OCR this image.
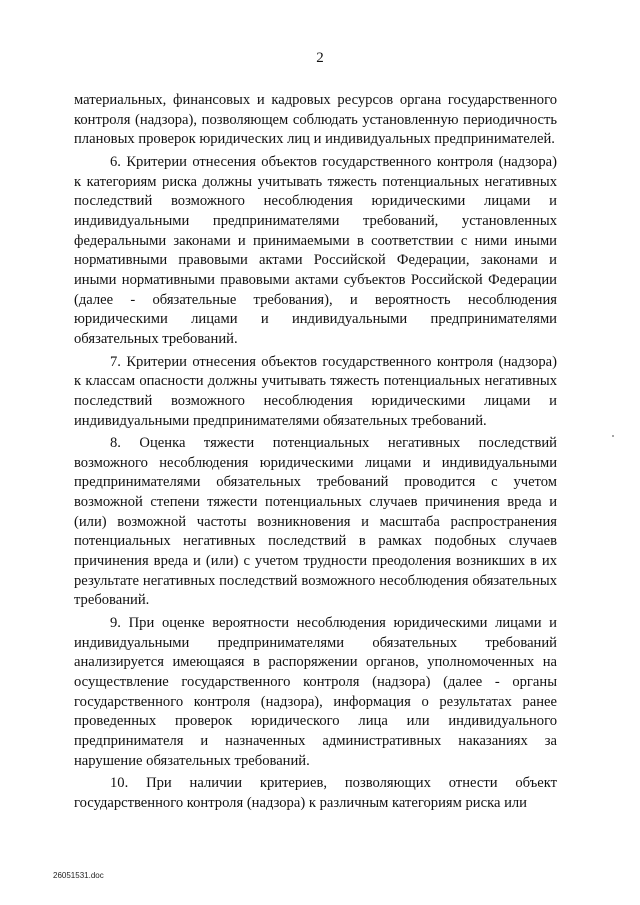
2

материальных, финансовых и кадровых ресурсов органа государственного контроля (надзора), позволяющем соблюдать установленную периодичность плановых проверок юридических лиц и индивидуальных предпринимателей.

6. Критерии отнесения объектов государственного контроля (надзора) к категориям риска должны учитывать тяжесть потенциальных негативных последствий возможного несоблюдения юридическими лицами и индивидуальными предпринимателями требований, установленных федеральными законами и принимаемыми в соответствии с ними иными нормативными правовыми актами Российской Федерации, законами и иными нормативными правовыми актами субъектов Российской Федерации (далее - обязательные требования), и вероятность несоблюдения юридическими лицами и индивидуальными предпринимателями обязательных требований.

7. Критерии отнесения объектов государственного контроля (надзора) к классам опасности должны учитывать тяжесть потенциальных негативных последствий возможного несоблюдения юридическими лицами и индивидуальными предпринимателями обязательных требований.

8. Оценка тяжести потенциальных негативных последствий возможного несоблюдения юридическими лицами и индивидуальными предпринимателями обязательных требований проводится с учетом возможной степени тяжести потенциальных случаев причинения вреда и (или) возможной частоты возникновения и масштаба распространения потенциальных негативных последствий в рамках подобных случаев причинения вреда и (или) с учетом трудности преодоления возникших в их результате негативных последствий возможного несоблюдения обязательных требований.

9. При оценке вероятности несоблюдения юридическими лицами и индивидуальными предпринимателями обязательных требований анализируется имеющаяся в распоряжении органов, уполномоченных на осуществление государственного контроля (надзора) (далее - органы государственного контроля (надзора), информация о результатах ранее проведенных проверок юридического лица или индивидуального предпринимателя и назначенных административных наказаниях за нарушение обязательных требований.

10. При наличии критериев, позволяющих отнести объект государственного контроля (надзора) к различным категориям риска или

26051531.doc
